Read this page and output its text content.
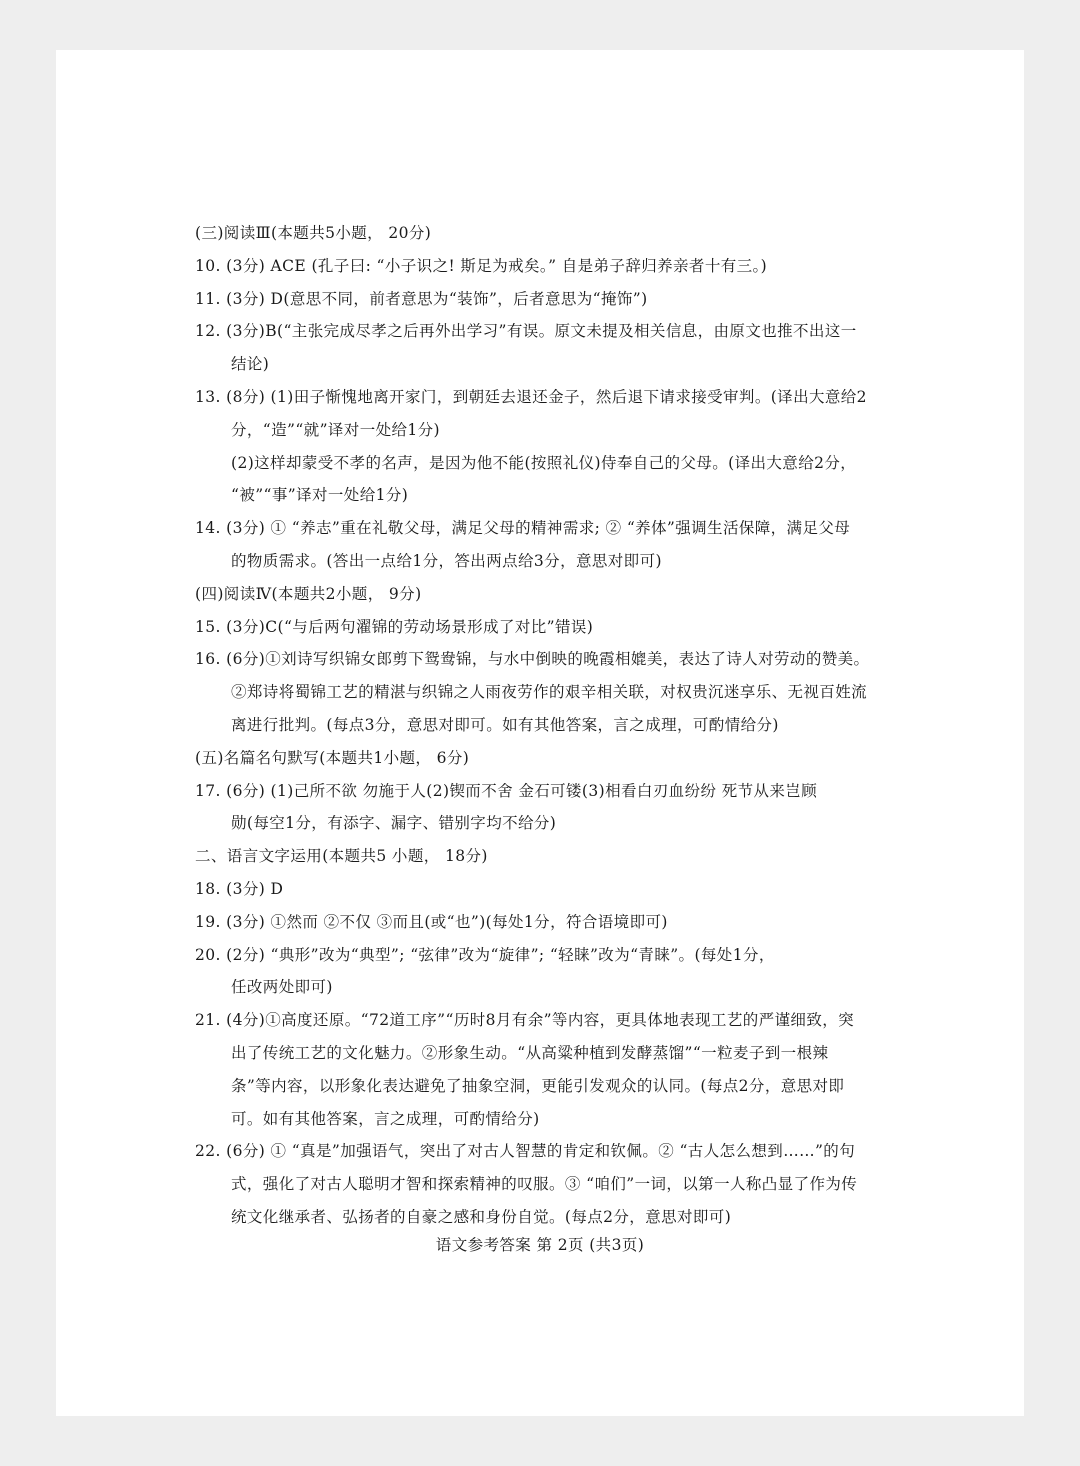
(三)阅读Ⅲ(本题共5小题， 20分)
10. (3分) ACE (孔子曰: “小子识之! 斯足为戒矣。” 自是弟子辞归养亲者十有三。)
11. (3分) D(意思不同，前者意思为“装饰”，后者意思为“掩饰”)
12. (3分)B(“主张完成尽孝之后再外出学习”有误。原文未提及相关信息，由原文也推不出这一
结论)
13. (8分) (1)田子惭愧地离开家门，到朝廷去退还金子，然后退下请求接受审判。(译出大意给2
分，“造”“就”译对一处给1分)
(2)这样却蒙受不孝的名声，是因为他不能(按照礼仪)侍奉自己的父母。(译出大意给2分，
“被”“事”译对一处给1分)
14. (3分) ① “养志”重在礼敬父母，满足父母的精神需求; ② “养体”强调生活保障，满足父母
的物质需求。(答出一点给1分，答出两点给3分，意思对即可)
(四)阅读Ⅳ(本题共2小题， 9分)
15. (3分)C(“与后两句濯锦的劳动场景形成了对比”错误)
16. (6分)①刘诗写织锦女郎剪下鸳鸯锦，与水中倒映的晚霞相媲美，表达了诗人对劳动的赞美。
②郑诗将蜀锦工艺的精湛与织锦之人雨夜劳作的艰辛相关联，对权贵沉迷享乐、无视百姓流
离进行批判。(每点3分，意思对即可。如有其他答案，言之成理，可酌情给分)
(五)名篇名句默写(本题共1小题， 6分)
17. (6分) (1)己所不欲 勿施于人(2)锲而不舍 金石可镂(3)相看白刃血纷纷 死节从来岂顾
勋(每空1分，有添字、漏字、错别字均不给分)
二、语言文字运用(本题共5 小题， 18分)
18. (3分) D
19. (3分) ①然而 ②不仅 ③而且(或“也”)(每处1分，符合语境即可)
20. (2分) “典形”改为“典型”; “弦律”改为“旋律”; “轻睐”改为“青睐”。(每处1分，
任改两处即可)
21. (4分)①高度还原。“72道工序”“历时8月有余”等内容，更具体地表现工艺的严谨细致，突
出了传统工艺的文化魅力。②形象生动。“从高粱种植到发酵蒸馏”“一粒麦子到一根辣
条”等内容，以形象化表达避免了抽象空洞，更能引发观众的认同。(每点2分，意思对即
可。如有其他答案，言之成理，可酌情给分)
22. (6分) ① “真是”加强语气，突出了对古人智慧的肯定和钦佩。② “古人怎么想到……”的句
式，强化了对古人聪明才智和探索精神的叹服。③ “咱们”一词，以第一人称凸显了作为传
统文化继承者、弘扬者的自豪之感和身份自觉。(每点2分，意思对即可)
语文参考答案 第 2页 (共3页)
